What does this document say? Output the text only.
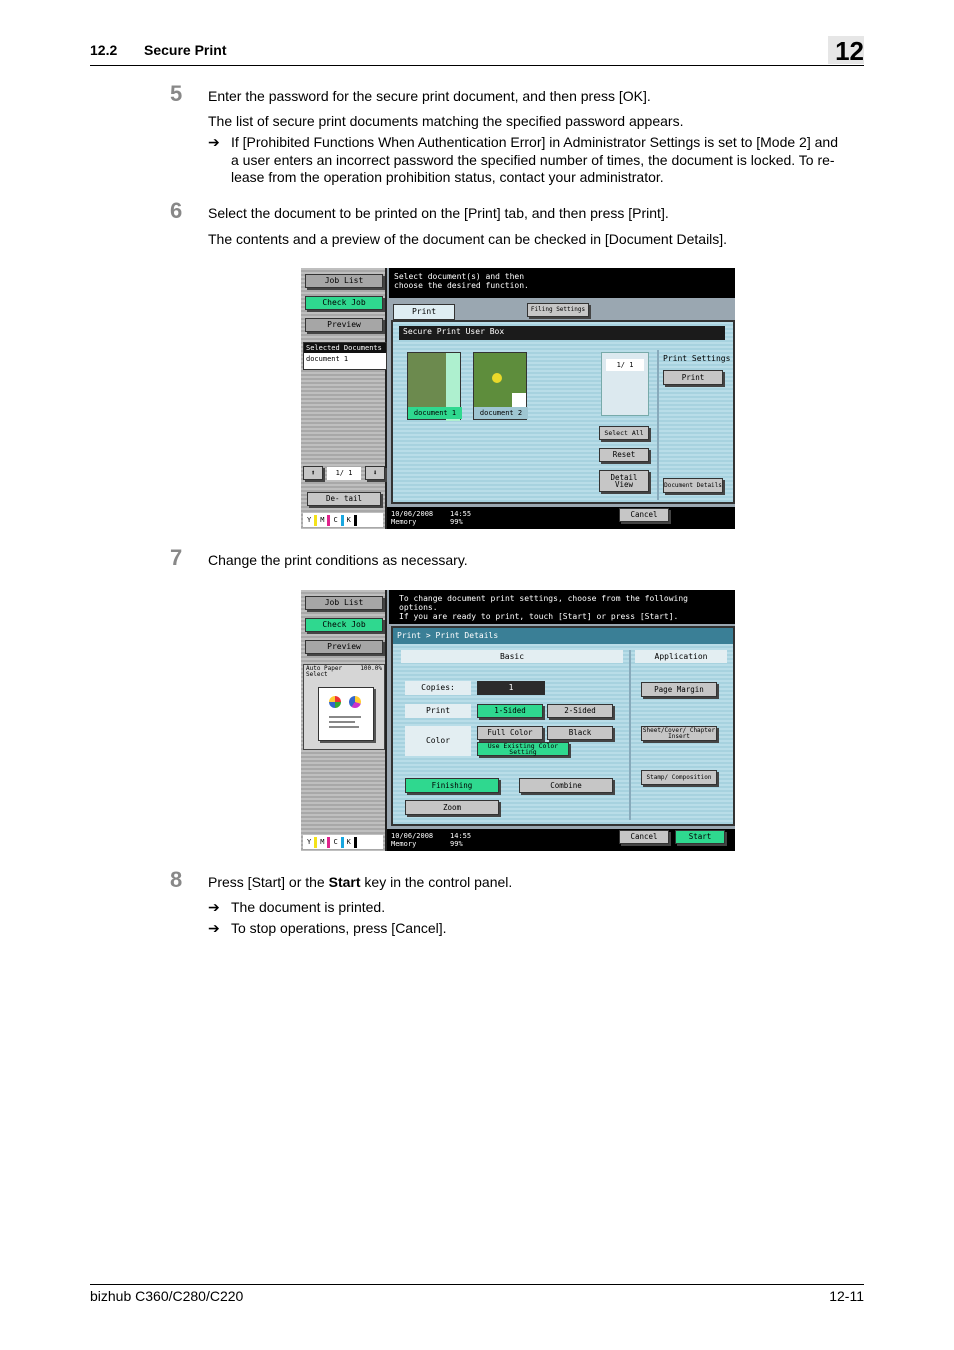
12.2 Secure Print	12
5 Enter the password for the secure print document, and then press [OK].
The list of secure print documents matching the specified password appears.
➔ If [Prohibited Functions When Authentication Error] in Administrator Settings is set to [Mode 2] and
a user enters an incorrect password the specified number of times, the document is locked. To re-
lease from the operation prohibition status, contact your administrator.
6 Select the document to be printed on the [Print] tab, and then press [Print].
The contents and a preview of the document can be checked in [Document Details].
Job List
Check Job
Preview
Selected Documents
document 1
⬆	1/ 1	⬇
De- tail
Y M C K
Select document(s) and then
choose the desired function.
Print	Filing Settings
Secure Print User Box
document 1	document 2
1/ 1
Select All
Reset
Detail View
Print Settings
Print
Document Details
10/06/2008 14:55
Memory	99%
Cancel
7 Change the print conditions as necessary.
Job List
Check Job
Preview
Auto Paper Select
100.0%
Y M C K
To change document print settings, choose from the following
options.
If you are ready to print, touch [Start] or press [Start].
Print > Print Details
Basic	Application
Copies:	1
Print	1-Sided	2-Sided
Color
Full Color	Black
Use Existing Color Setting
Finishing	Combine
Zoom
Page Margin
Sheet/Cover/ Chapter Insert
Stamp/ Composition
10/06/2008 14:55
Memory	99%
Cancel	Start
8 Press [Start] or the Start key in the control panel.
➔ The document is printed.
➔ To stop operations, press [Cancel].
bizhub C360/C280/C220	12-11
